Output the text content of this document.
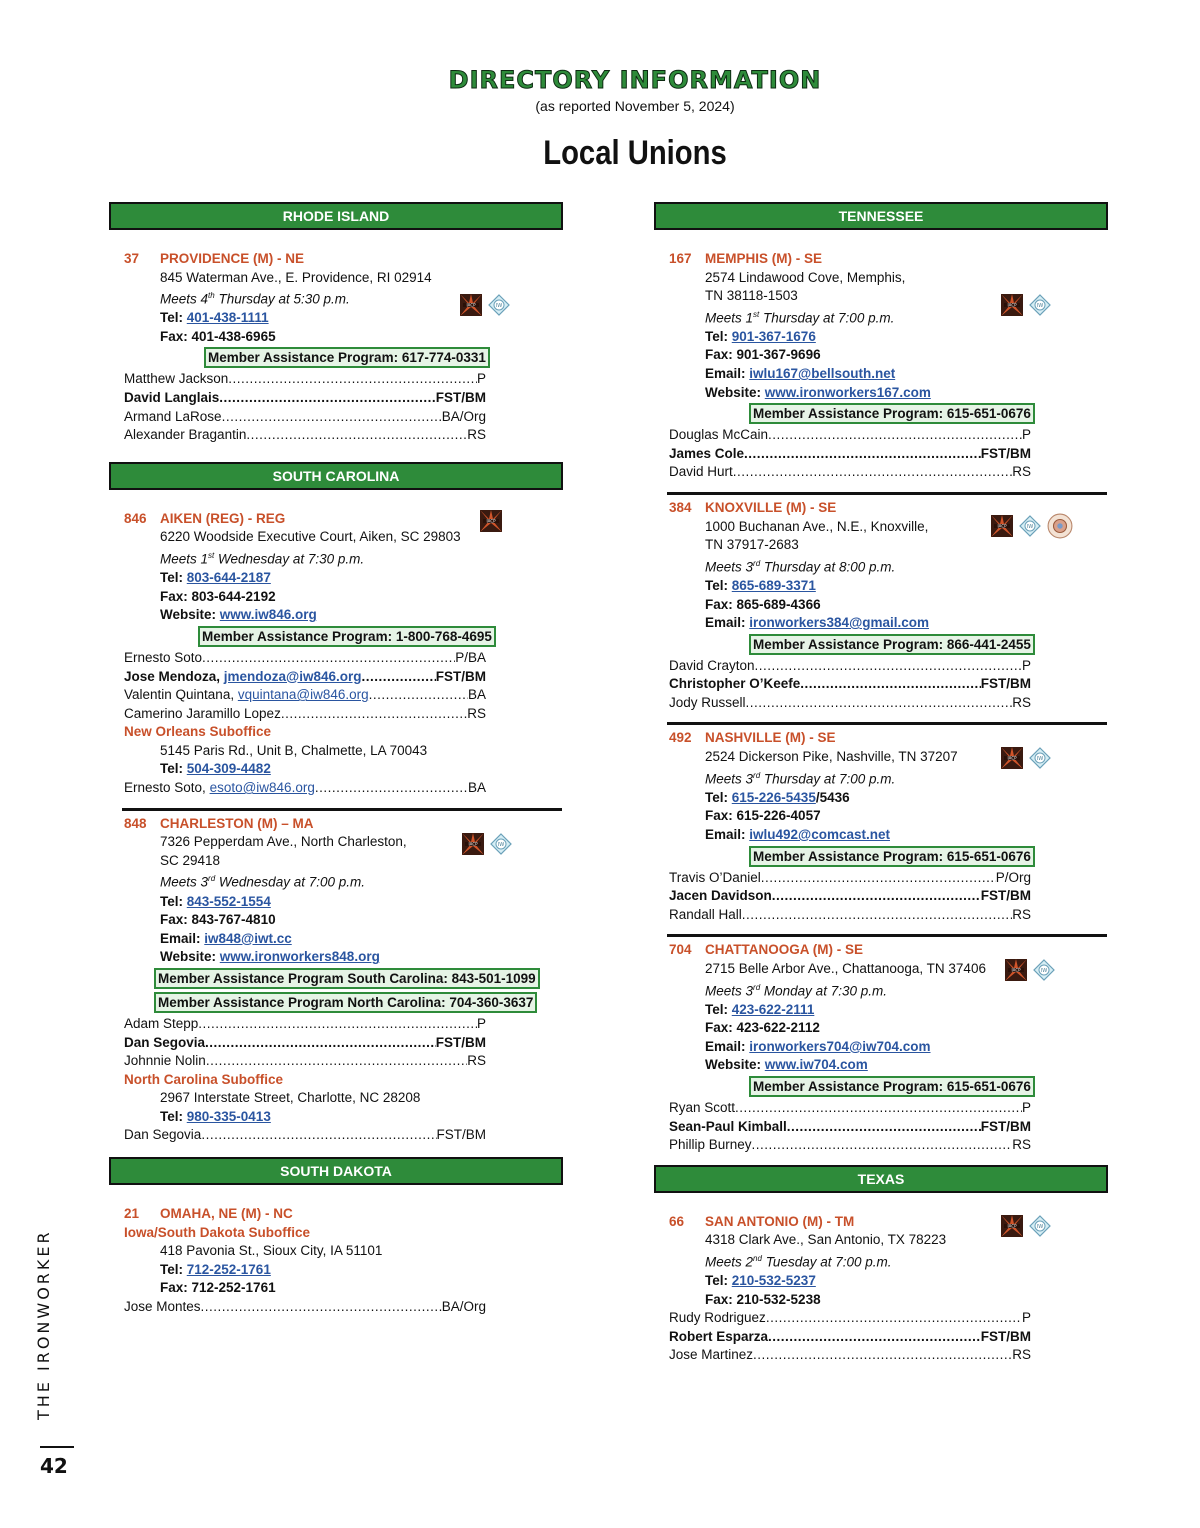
DIRECTORY INFORMATION
(as reported November 5, 2024)
Local Unions
RHODE ISLAND
37 PROVIDENCE (M) - NE
845 Waterman Ave., E. Providence, RI 02914
Meets 4th Thursday at 5:30 p.m.
Tel: 401-438-1111
Fax: 401-438-6965
Member Assistance Program: 617-774-0331
Matthew Jackson .....	P
David Langlais .....	FST/BM
Armand LaRose .....	BA/Org
Alexander Bragantin .....	RS
SOUTH CAROLINA
846 AIKEN (REG) - REG
6220 Woodside Executive Court, Aiken, SC 29803
Meets 1st Wednesday at 7:30 p.m.
Tel: 803-644-2187
Fax: 803-644-2192
Website: www.iw846.org
Member Assistance Program: 1-800-768-4695
Ernesto Soto .....	P/BA
Jose Mendoza, jmendoza@iw846.org .....	FST/BM
Valentin Quintana, vquintana@iw846.org .....	BA
Camerino Jaramillo Lopez .....	RS
New Orleans Suboffice
5145 Paris Rd., Unit B, Chalmette, LA 70043
Tel: 504-309-4482
Ernesto Soto, esoto@iw846.org .....	BA
848 CHARLESTON (M) – MA
7326 Pepperdam Ave., North Charleston,
SC 29418
Meets 3rd Wednesday at 7:00 p.m.
Tel: 843-552-1554
Fax: 843-767-4810
Email: iw848@iwt.cc
Website: www.ironworkers848.org
Member Assistance Program South Carolina: 843-501-1099
Member Assistance Program North Carolina: 704-360-3637
Adam Stepp .....	P
Dan Segovia .....	FST/BM
Johnnie Nolin .....	RS
North Carolina Suboffice
2967 Interstate Street, Charlotte, NC 28208
Tel: 980-335-0413
Dan Segovia .....	FST/BM
SOUTH DAKOTA
21 OMAHA, NE (M) - NC
Iowa/South Dakota Suboffice
418 Pavonia St., Sioux City, IA 51101
Tel: 712-252-1761
Fax: 712-252-1761
Jose Montes .....	BA/Org
TENNESSEE
167 MEMPHIS (M) - SE
2574 Lindawood Cove, Memphis,
TN 38118-1503
Meets 1st Thursday at 7:00 p.m.
Tel: 901-367-1676
Fax: 901-367-9696
Email: iwlu167@bellsouth.net
Website: www.ironworkers167.com
Member Assistance Program: 615-651-0676
Douglas McCain .....	P
James Cole .....	FST/BM
David Hurt .....	RS
384 KNOXVILLE (M) - SE
1000 Buchanan Ave., N.E., Knoxville,
TN 37917-2683
Meets 3rd Thursday at 8:00 p.m.
Tel: 865-689-3371
Fax: 865-689-4366
Email: ironworkers384@gmail.com
Member Assistance Program: 866-441-2455
David Crayton .....	P
Christopher O’Keefe .....	FST/BM
Jody Russell .....	RS
492 NASHVILLE (M) - SE
2524 Dickerson Pike, Nashville, TN 37207
Meets 3rd Thursday at 7:00 p.m.
Tel: 615-226-5435/5436
Fax: 615-226-4057
Email: iwlu492@comcast.net
Member Assistance Program: 615-651-0676
Travis O’Daniel .....	P/Org
Jacen Davidson .....	FST/BM
Randall Hall .....	RS
704 CHATTANOOGA (M) - SE
2715 Belle Arbor Ave., Chattanooga, TN 37406
Meets 3rd Monday at 7:30 p.m.
Tel: 423-622-2111
Fax: 423-622-2112
Email: ironworkers704@iw704.com
Website: www.iw704.com
Member Assistance Program: 615-651-0676
Ryan Scott .....	P
Sean-Paul Kimball .....	FST/BM
Phillip Burney .....	RS
TEXAS
66 SAN ANTONIO (M) - TM
4318 Clark Ave., San Antonio, TX 78223
Meets 2nd Tuesday at 7:00 p.m.
Tel: 210-532-5237
Fax: 210-532-5238
Rudy Rodriguez .....	P
Robert Esparza .....	FST/BM
Jose Martinez .....	RS
THE IRONWORKER
42
